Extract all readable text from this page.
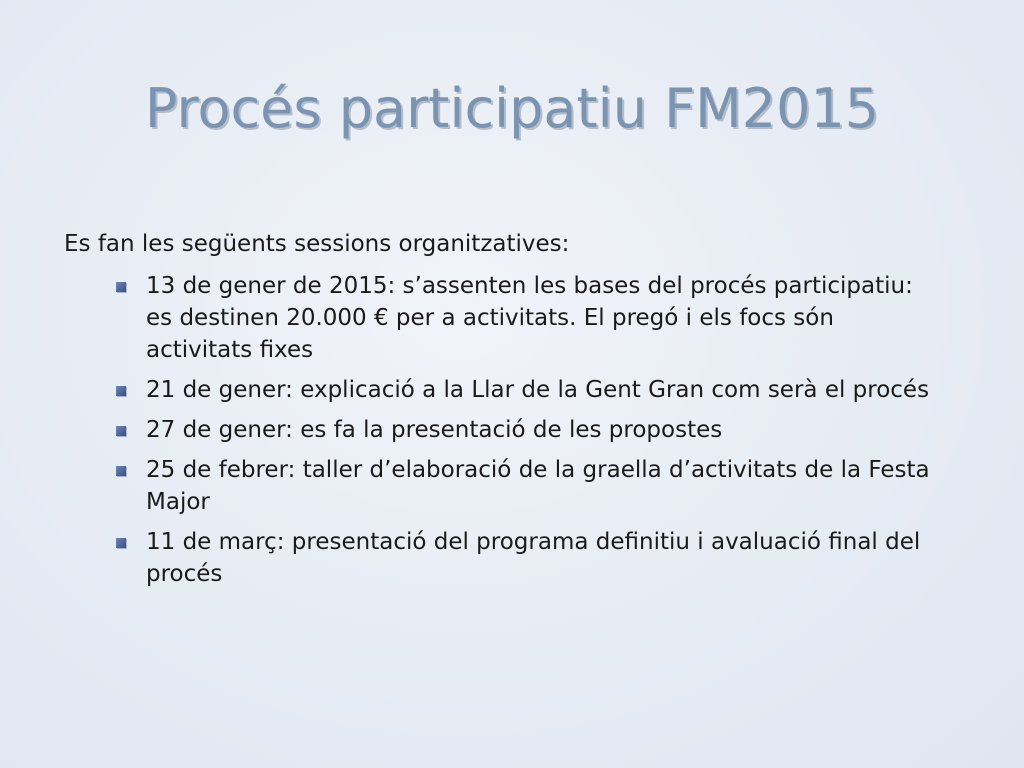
Procés participatiu FM2015
Es fan les següents sessions organitzatives:
13 de gener de 2015: s’assenten les bases del procés participatiu: es destinen 20.000 € per a activitats. El pregó i els focs són activitats fixes
21 de gener: explicació a la Llar de la Gent Gran com serà el procés
27 de gener: es fa la presentació de les propostes
25 de febrer: taller d’elaboració de la graella d’activitats de la Festa Major
11 de març: presentació del programa definitiu i avaluació final del procés
